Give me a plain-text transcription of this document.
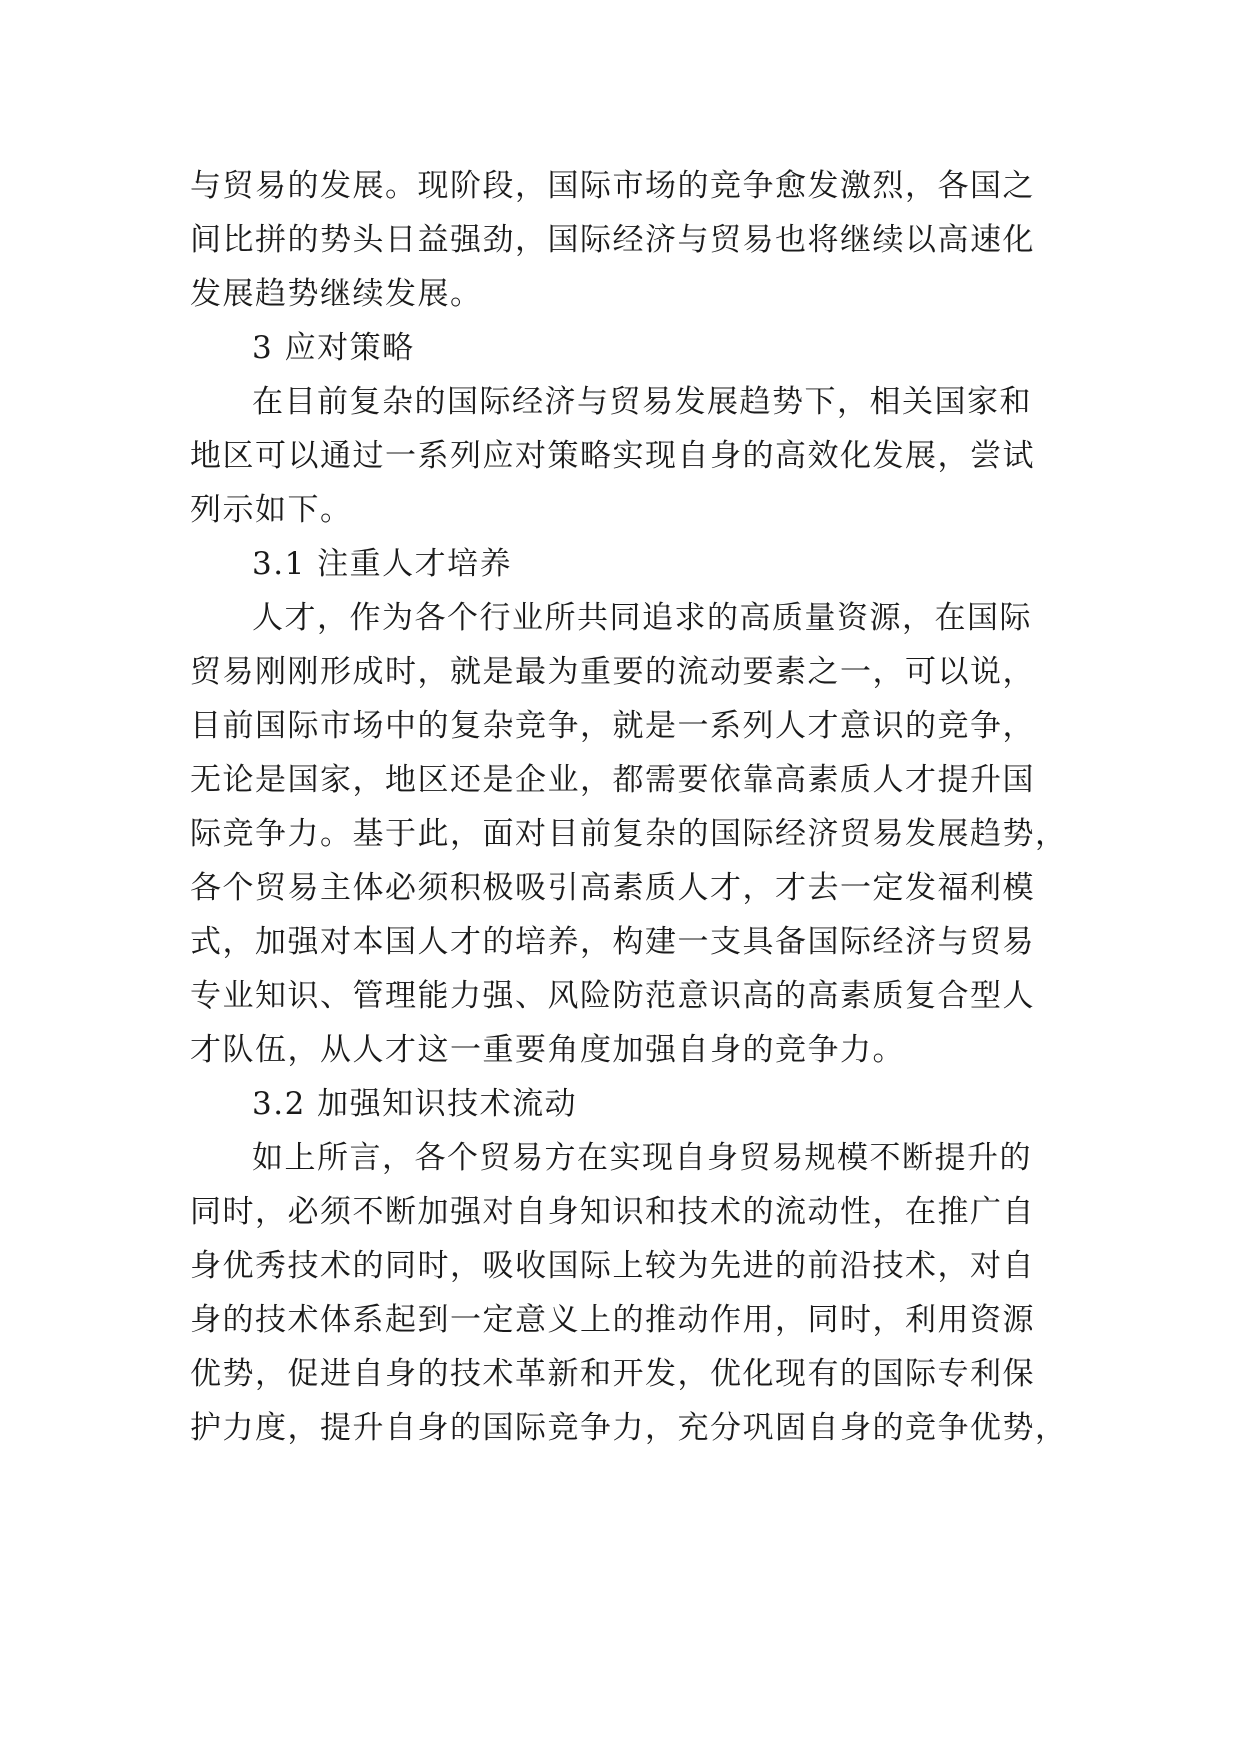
与贸易的发展。现阶段，国际市场的竞争愈发激烈，各国之
间比拼的势头日益强劲，国际经济与贸易也将继续以高速化
发展趋势继续发展。
3 应对策略
在目前复杂的国际经济与贸易发展趋势下，相关国家和
地区可以通过一系列应对策略实现自身的高效化发展，尝试
列示如下。
3.1 注重人才培养
人才，作为各个行业所共同追求的高质量资源，在国际
贸易刚刚形成时，就是最为重要的流动要素之一，可以说，
目前国际市场中的复杂竞争，就是一系列人才意识的竞争，
无论是国家，地区还是企业，都需要依靠高素质人才提升国
际竞争力。基于此，面对目前复杂的国际经济贸易发展趋势，
各个贸易主体必须积极吸引高素质人才，才去一定发福利模
式，加强对本国人才的培养，构建一支具备国际经济与贸易
专业知识、管理能力强、风险防范意识高的高素质复合型人
才队伍，从人才这一重要角度加强自身的竞争力。
3.2 加强知识技术流动
如上所言，各个贸易方在实现自身贸易规模不断提升的
同时，必须不断加强对自身知识和技术的流动性，在推广自
身优秀技术的同时，吸收国际上较为先进的前沿技术，对自
身的技术体系起到一定意义上的推动作用，同时，利用资源
优势，促进自身的技术革新和开发，优化现有的国际专利保
护力度，提升自身的国际竞争力，充分巩固自身的竞争优势，
